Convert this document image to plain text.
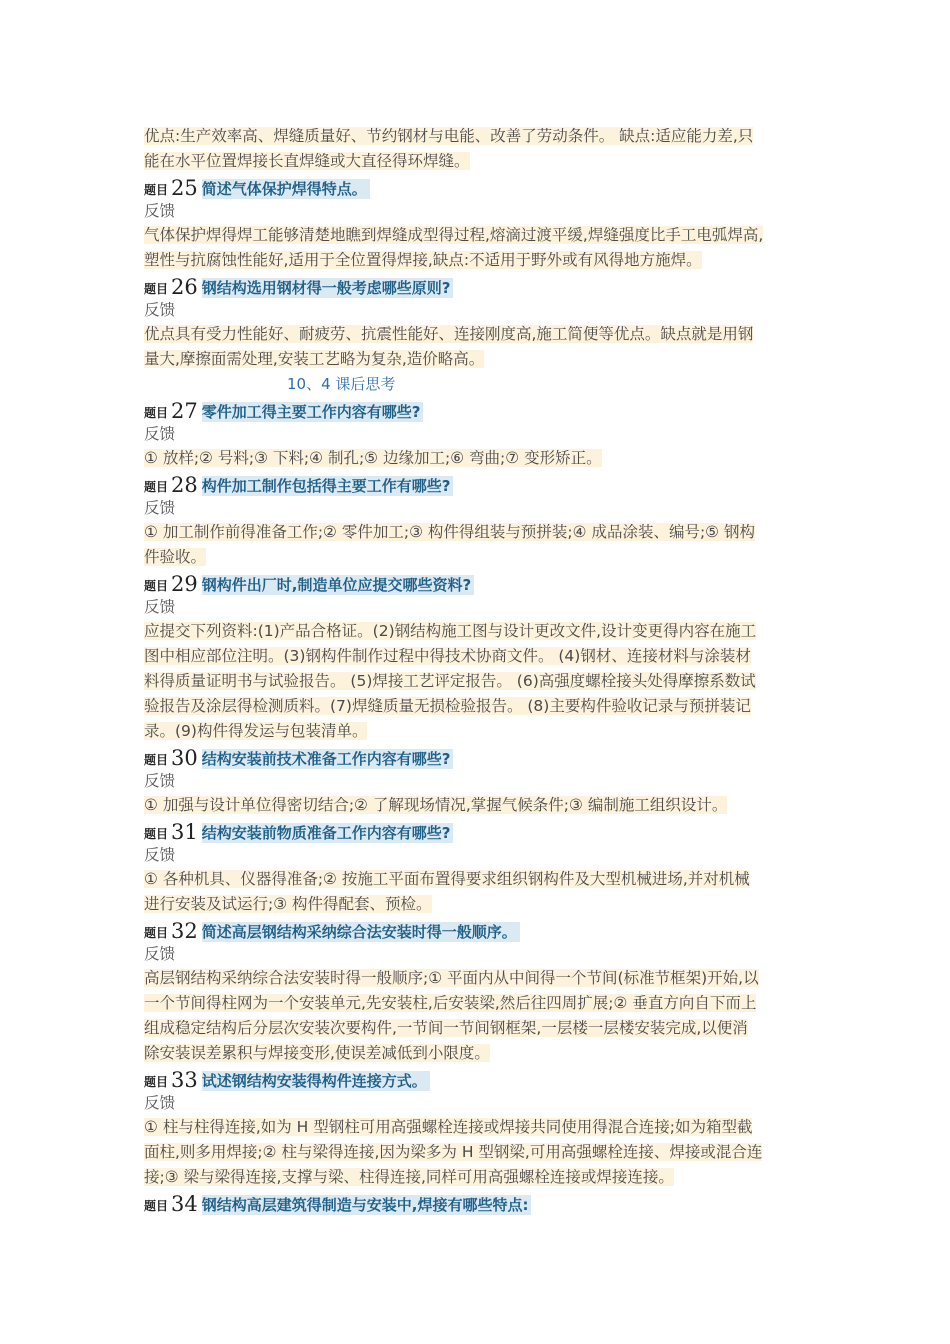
优点:生产效率高、焊缝质量好、节约钢材与电能、改善了劳动条件。 缺点:适应能力差,只
能在水平位置焊接长直焊缝或大直径得环焊缝。
题目 25 简述气体保护焊得特点。
反馈
气体保护焊得焊工能够清楚地瞧到焊缝成型得过程,熔滴过渡平缓,焊缝强度比手工电弧焊高,
塑性与抗腐蚀性能好,适用于全位置得焊接,缺点:不适用于野外或有风得地方施焊。
题目 26 钢结构选用钢材得一般考虑哪些原则?
反馈
优点具有受力性能好、耐疲劳、抗震性能好、连接刚度高,施工简便等优点。缺点就是用钢
量大,摩擦面需处理,安装工艺略为复杂,造价略高。
10、4 课后思考
题目 27 零件加工得主要工作内容有哪些?
反馈
① 放样;② 号料;③ 下料;④ 制孔;⑤ 边缘加工;⑥ 弯曲;⑦ 变形矫正。
题目 28 构件加工制作包括得主要工作有哪些?
反馈
① 加工制作前得准备工作;② 零件加工;③ 构件得组装与预拼装;④ 成品涂装、编号;⑤ 钢构
件验收。
题目 29 钢构件出厂时,制造单位应提交哪些资料?
反馈
应提交下列资料:(1)产品合格证。(2)钢结构施工图与设计更改文件,设计变更得内容在施工
图中相应部位注明。(3)钢构件制作过程中得技术协商文件。 (4)钢材、连接材料与涂装材
料得质量证明书与试验报告。 (5)焊接工艺评定报告。 (6)高强度螺栓接头处得摩擦系数试
验报告及涂层得检测质料。(7)焊缝质量无损检验报告。 (8)主要构件验收记录与预拼装记
录。(9)构件得发运与包装清单。
题目 30 结构安装前技术准备工作内容有哪些?
反馈
① 加强与设计单位得密切结合;② 了解现场情况,掌握气候条件;③ 编制施工组织设计。
题目 31 结构安装前物质准备工作内容有哪些?
反馈
① 各种机具、仪器得准备;② 按施工平面布置得要求组织钢构件及大型机械进场,并对机械
进行安装及试运行;③ 构件得配套、预检。
题目 32 简述高层钢结构采纳综合法安装时得一般顺序。
反馈
高层钢结构采纳综合法安装时得一般顺序;① 平面内从中间得一个节间(标准节框架)开始,以
一个节间得柱网为一个安装单元,先安装柱,后安装梁,然后往四周扩展;② 垂直方向自下而上
组成稳定结构后分层次安装次要构件,一节间一节间钢框架,一层楼一层楼安装完成,以便消
除安装误差累积与焊接变形,使误差减低到小限度。
题目 33 试述钢结构安装得构件连接方式。
反馈
① 柱与柱得连接,如为 H 型钢柱可用高强螺栓连接或焊接共同使用得混合连接;如为箱型截
面柱,则多用焊接;② 柱与梁得连接,因为梁多为 H 型钢梁,可用高强螺栓连接、焊接或混合连
接;③ 梁与梁得连接,支撑与梁、柱得连接,同样可用高强螺栓连接或焊接连接。
题目 34 钢结构高层建筑得制造与安装中,焊接有哪些特点:
